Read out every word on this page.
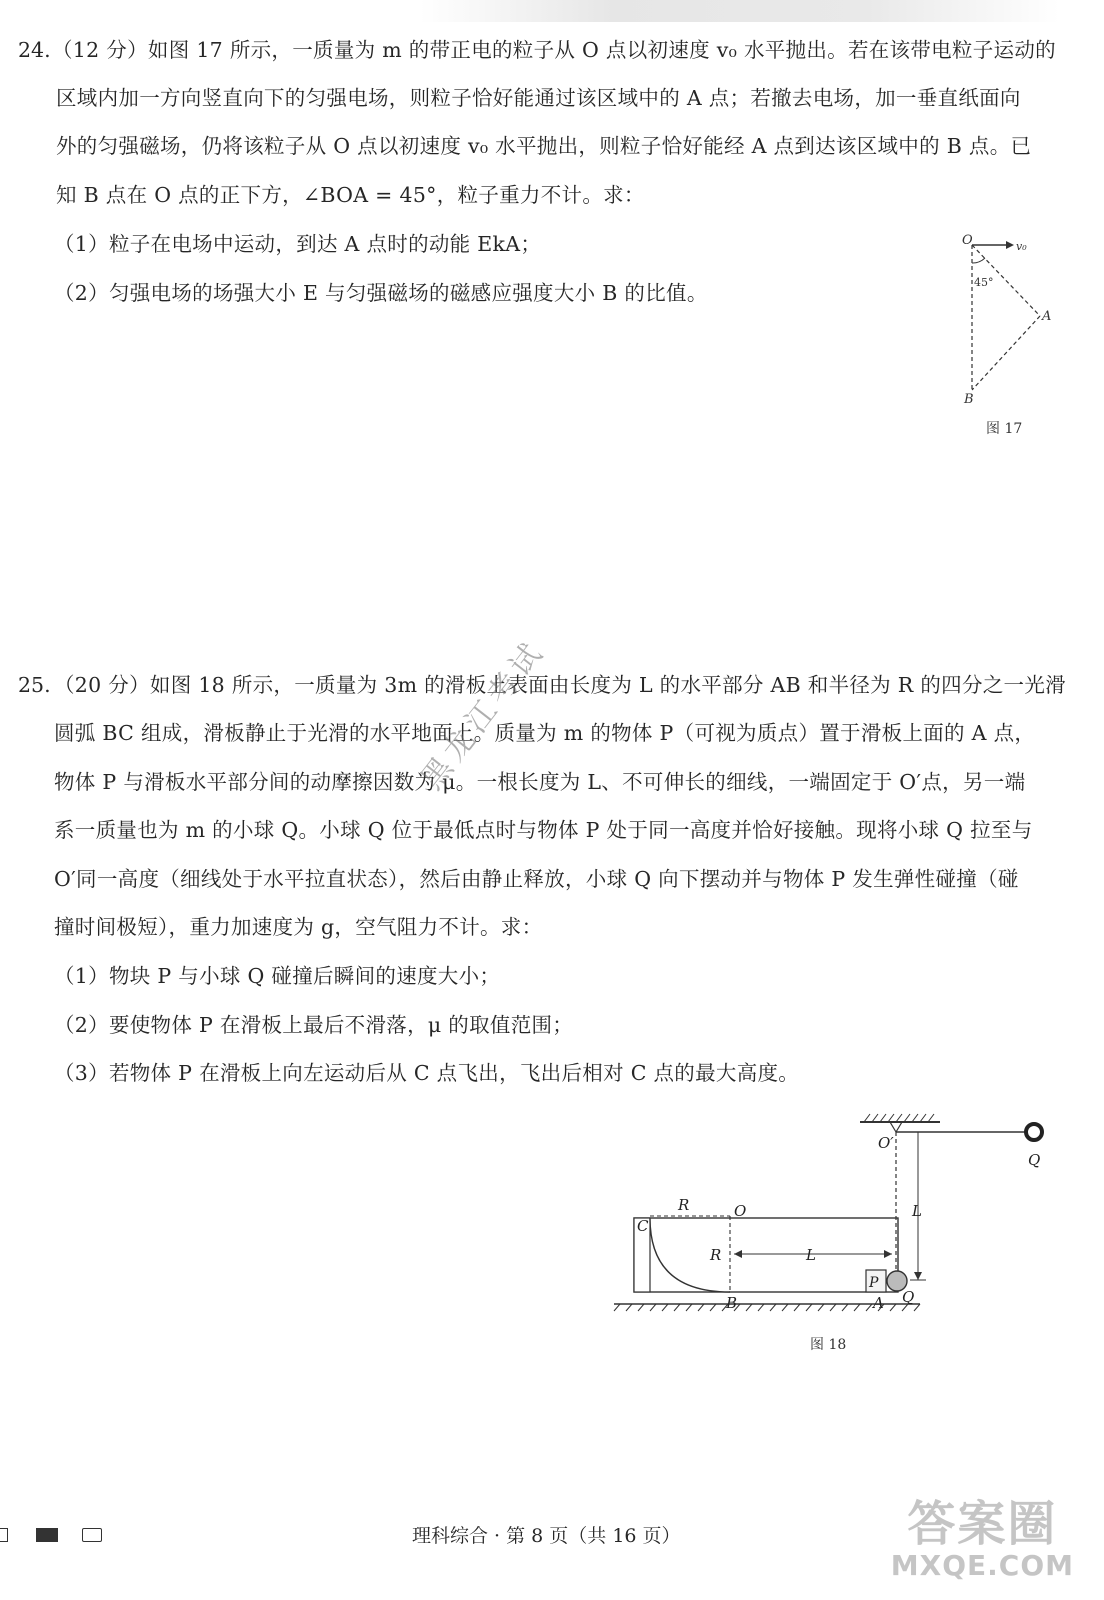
24. （12 分）如图 17 所示，一质量为 m 的带正电的粒子从 O 点以初速度 v₀ 水平抛出。若在该带电粒子运动的
区域内加一方向竖直向下的匀强电场，则粒子恰好能通过该区域中的 A 点；若撤去电场，加一垂直纸面向
外的匀强磁场，仍将该粒子从 O 点以初速度 v₀ 水平抛出，则粒子恰好能经 A 点到达该区域中的 B 点。已
知 B 点在 O 点的正下方，∠BOA = 45°，粒子重力不计。求：
（1）粒子在电场中运动，到达 A 点时的动能 EkA；
（2）匀强电场的场强大小 E 与匀强磁场的磁感应强度大小 B 的比值。
O	v₀
45°
A
B
图 17
25. （20 分）如图 18 所示，一质量为 3m 的滑板上表面由长度为 L 的水平部分 AB 和半径为 R 的四分之一光滑
圆弧 BC 组成，滑板静止于光滑的水平地面上。质量为 m 的物体 P（可视为质点）置于滑板上面的 A 点，
物体 P 与滑板水平部分间的动摩擦因数为 μ。一根长度为 L、不可伸长的细线，一端固定于 O′点，另一端
系一质量也为 m 的小球 Q。小球 Q 位于最低点时与物体 P 处于同一高度并恰好接触。现将小球 Q 拉至与
O′同一高度（细线处于水平拉直状态），然后由静止释放，小球 Q 向下摆动并与物体 P 发生弹性碰撞（碰
撞时间极短），重力加速度为 g，空气阻力不计。求：
（1）物块 P 与小球 Q 碰撞后瞬间的速度大小；
（2）要使物体 P 在滑板上最后不滑落，μ 的取值范围；
（3）若物体 P 在滑板上向左运动后从 C 点飞出，飞出后相对 C 点的最大高度。
O′
Q
L
R	O
C
R	L
P
B	A Q
图 18
黑龙江考试
理科综合 · 第 8 页（共 16 页）	答案圈
MXQE.COM
